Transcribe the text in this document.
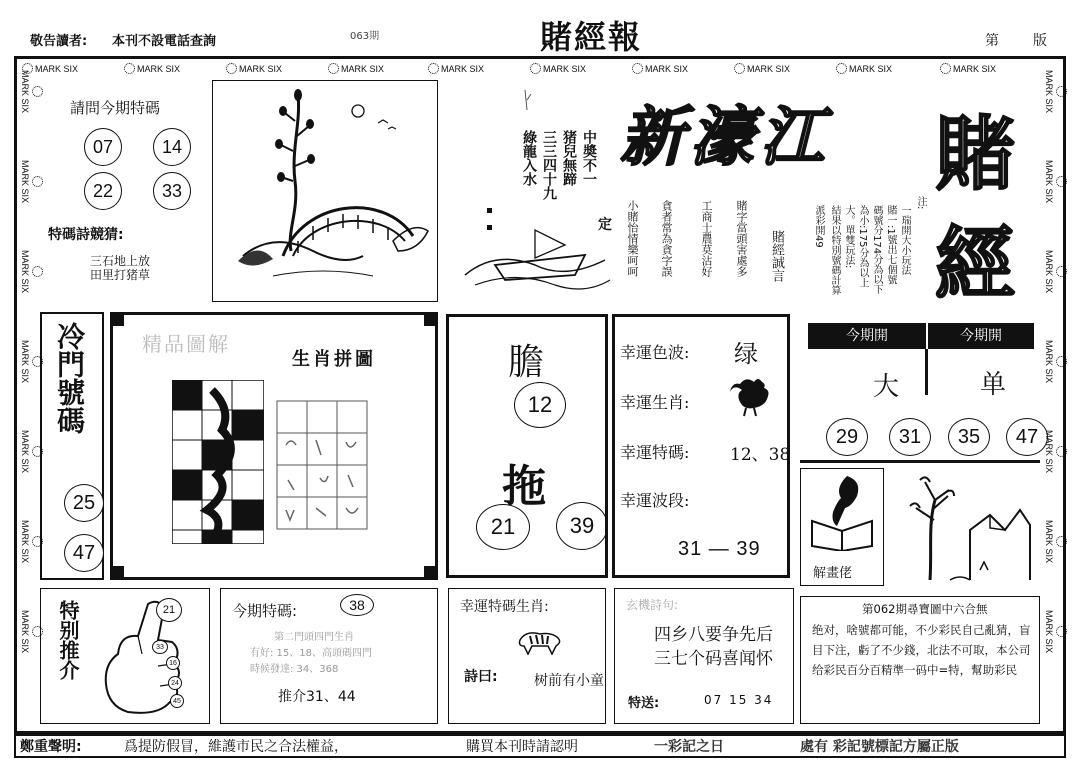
敬告讀者: 本刊不設電話查詢	063期	賭經報	第 版
請問今期特碼
07	14
22	33
特碼詩競猜:
三石地上放
田里打猪草
綠龍入水 三三四十九 猪兒無蹄 中奬不一
定
新濠江 賭
經
小賭怡情樂呵呵 貪者常為貪字誤 工商士農莫沾好 賭字當頭害處多 賭經誠言
注:
一瑞開大小玩法
賭一:1號出七個號
碼號分174分為以下
為小:175分為以上
大。單雙玩法:
結果以特別號碼計算
派彩開49
冷門號碼
25
47
精品圖解
生肖拼圖	膽
12
拖
21	39
幸運色波: 绿
幸運生肖:
幸運特碼: 12、38
幸運波段:
31 — 39
今期開	今期開
大	单
29	31	35	47
解畫佬
特别推介	21
33
16
24
45
今期特碼:	38
第二門頭四門生肖
有好: 15、18、高頭碼四門
時候發達: 34、368
推介31、44
幸運特碼生肖:
詩曰:	树前有小童
玄機詩句:
四乡八要争先后
三七个码喜闻怀
特送:	07 15 34
第062期尋寶圖中六合無
绝对，啥號都可能，不少彩民自己亂猜，盲目下注，虧了不少錢，北法不可取，本公司给彩民百分百精準一码中=特，幫助彩民
鄭重聲明:	爲提防假冒，維護市民之合法權益，	購買本刊時請認明	一彩記之日	處有 彩記號標記方屬正版
MARK SIX	MARK SIX	MARK SIX	MARK SIX	MARK SIX	MARK SIX	MARK SIX	MARK SIX	MARK SIX	MARK SIX
MARK SIX
MARK SIX
MARK SIX
MARK SIX
MARK SIX
MARK SIX
MARK SIX
MARK SIX
MARK SIX
MARK SIX
MARK SIX
MARK SIX
MARK SIX
MARK SIX
